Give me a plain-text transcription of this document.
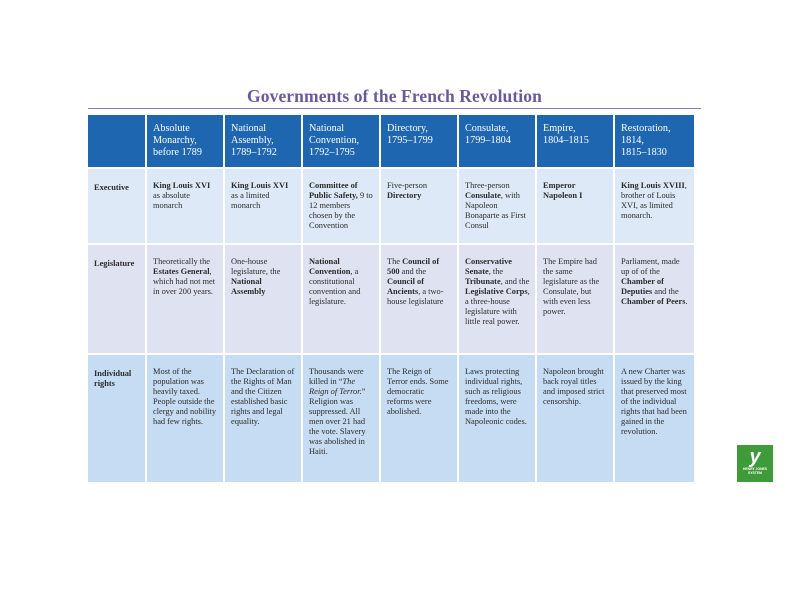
Governments of the French Revolution
Absolute
Monarchy,
before 1789
National
Assembly,
1789–1792
National
Convention,
1792–1795
Directory,
1795–1799
Consulate,
1799–1804
Empire,
1804–1815
Restoration,
1814,
1815–1830
Executive	King Louis XVI as absolute monarch
King Louis XVI as a limited monarch
Committee of Public Safety, 9 to 12 members chosen by the Convention
Five-person Directory
Three-person Consulate, with Napoleon Bonaparte as First Consul
Emperor Napoleon I
King Louis XVIII, brother of Louis XVI, as limited monarch.
Legislature	Theoretically the Estates General, which had not met in over 200 years.
One-house legislature, the National Assembly
National Convention, a constitutional convention and legislature.
The Council of 500 and the Council of Ancients, a two-house legislature
Conservative Senate, the Tribunate, and the Legislative Corps, a three-house legislature with little real power.
The Empire had the same legislature as the Consulate, but with even less power.
Parliament, made up of of the Chamber of Deputies and the Chamber of Peers.
Individual rights
Most of the population was heavily taxed. People outside the clergy and nobility had few rights.
The Declaration of the Rights of Man and the Citizen established basic rights and legal equality.
Thousands were killed in “The Reign of Terror.” Religion was suppressed. All men over 21 had the vote. Slavery was abolished in Haiti.
The Reign of Terror ends. Some democratic reforms were abolished.
Laws protecting individual rights, such as religious freedoms, were made into the Napoleonic codes.
Napoleon brought back royal titles and imposed strict censorship.
A new Charter was issued by the king that preserved most of the individual rights that had been gained in the revolution.
y
HENRY JONES
SYSTEM
